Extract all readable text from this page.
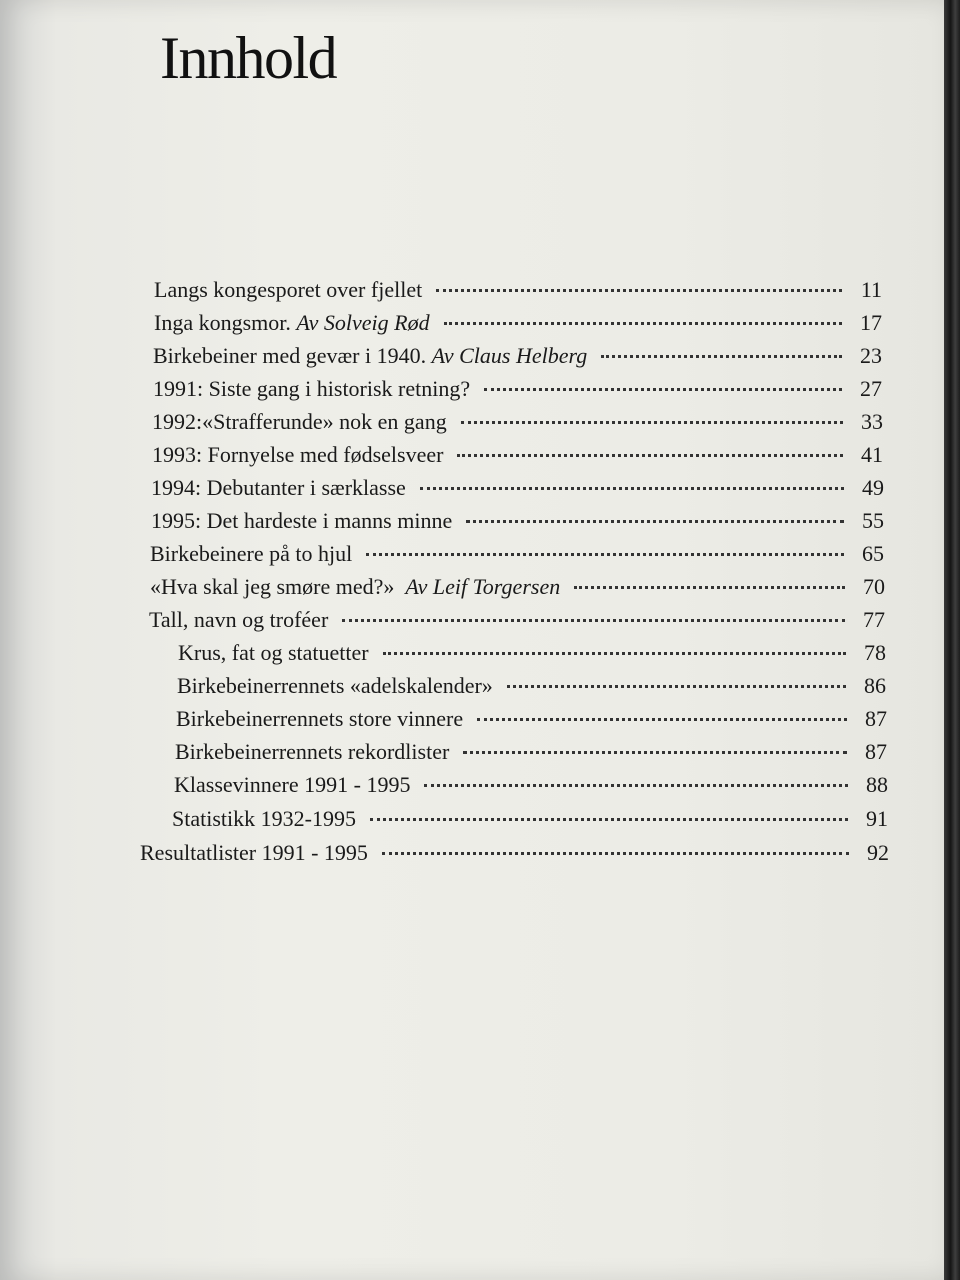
Innhold
Langs kongesporet over fjellet	11
Inga kongsmor. Av Solveig Rød	17
Birkebeiner med gevær i 1940. Av Claus Helberg	23
1991: Siste gang i historisk retning?	27
1992:«Strafferunde» nok en gang	33
1993: Fornyelse med fødselsveer	41
1994: Debutanter i særklasse	49
1995: Det hardeste i manns minne	55
Birkebeinere på to hjul	65
«Hva skal jeg smøre med?»  Av Leif Torgersen	70
Tall, navn og troféer	77
Krus, fat og statuetter	78
Birkebeinerrennets «adelskalender»	86
Birkebeinerrennets store vinnere	87
Birkebeinerrennets rekordlister	87
Klassevinnere 1991 - 1995	88
Statistikk 1932-1995	91
Resultatlister 1991 - 1995	92
